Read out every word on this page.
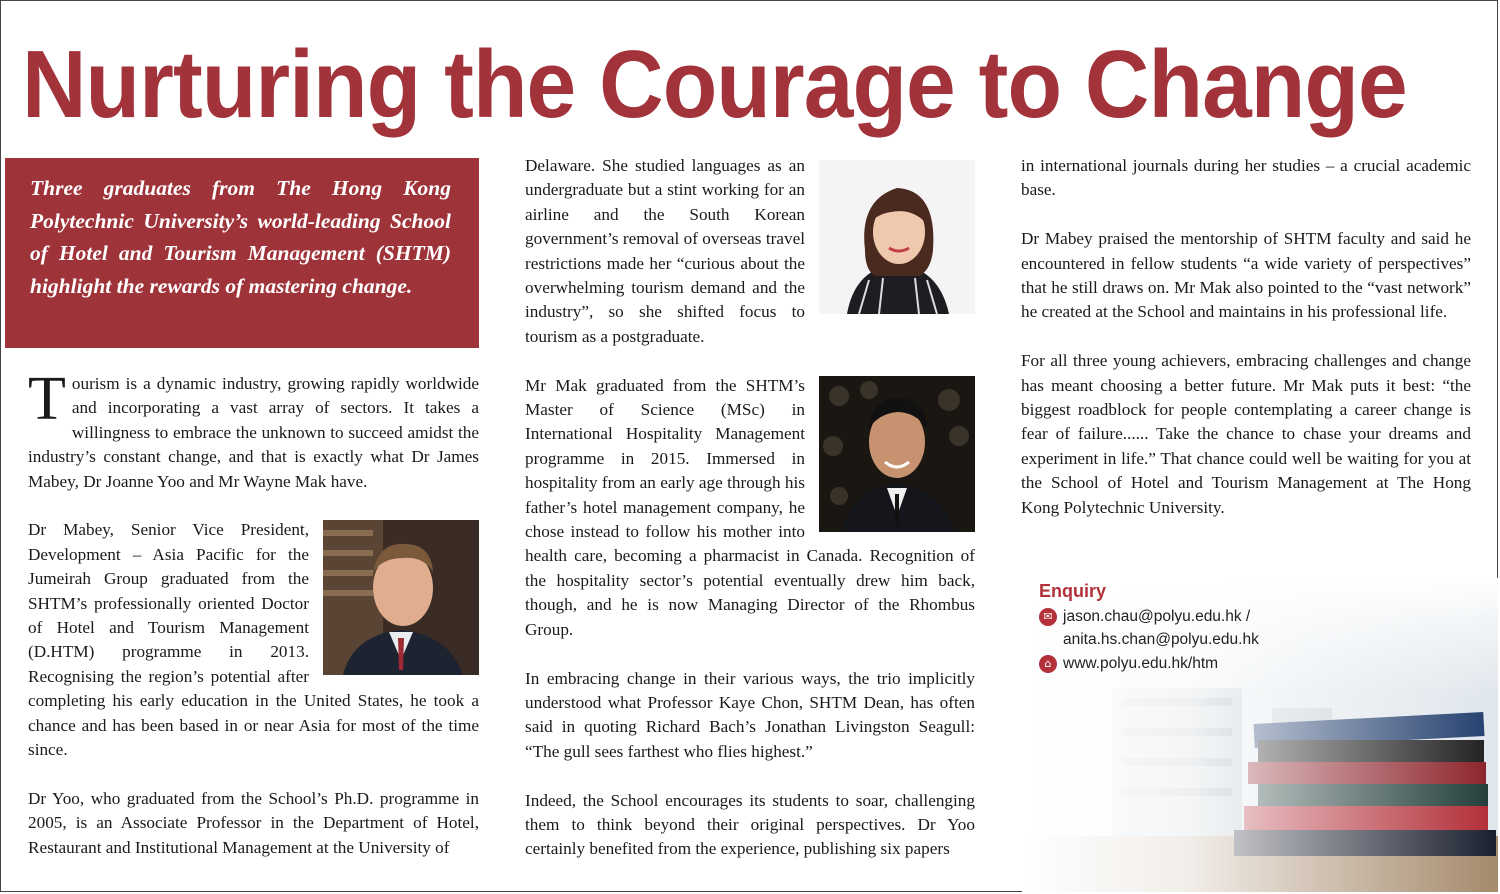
Nurturing the Courage to Change
Three graduates from The Hong Kong Polytechnic University’s world-leading School of Hotel and Tourism Management (SHTM) highlight the rewards of mastering change.

Tourism is a dynamic industry, growing rapidly worldwide and incorporating a vast array of sectors. It takes a willingness to embrace the unknown to succeed amidst the industry’s constant change, and that is exactly what Dr James Mabey, Dr Joanne Yoo and Mr Wayne Mak have.

Dr Mabey, Senior Vice President, Development – Asia Pacific for the Jumeirah Group graduated from the SHTM’s professionally oriented Doctor of Hotel and Tourism Management (D.HTM) programme in 2013. Recognising the region’s potential after completing his early education in the United States, he took a chance and has been based in or near Asia for most of the time since.

Dr Yoo, who graduated from the School’s Ph.D. programme in 2005, is an Associate Professor in the Department of Hotel, Restaurant and Institutional Management at the University of

Delaware. She studied languages as an undergraduate but a stint working for an airline and the South Korean government’s removal of overseas travel restrictions made her “curious about the overwhelming tourism demand and the industry”, so she shifted focus to tourism as a postgraduate.

Mr Mak graduated from the SHTM’s Master of Science (MSc) in International Hospitality Management programme in 2015. Immersed in hospitality from an early age through his father’s hotel management company, he chose instead to follow his mother into health care, becoming a pharmacist in Canada. Recognition of the hospitality sector’s potential eventually drew him back, though, and he is now Managing Director of the Rhombus Group.

In embracing change in their various ways, the trio implicitly understood what Professor Kaye Chon, SHTM Dean, has often said in quoting Richard Bach’s Jonathan Livingston Seagull: “The gull sees farthest who flies highest.”

Indeed, the School encourages its students to soar, challenging them to think beyond their original perspectives. Dr Yoo certainly benefited from the experience, publishing six papers

in international journals during her studies – a crucial academic base.

Dr Mabey praised the mentorship of SHTM faculty and said he encountered in fellow students “a wide variety of perspectives” that he still draws on. Mr Mak also pointed to the “vast network” he created at the School and maintains in his professional life.

For all three young achievers, embracing challenges and change has meant choosing a better future. Mr Mak puts it best: “the biggest roadblock for people contemplating a career change is fear of failure...... Take the chance to chase your dreams and experiment in life.” That chance could well be waiting for you at the School of Hotel and Tourism Management at The Hong Kong Polytechnic University.

Enquiry
✉ jason.chau@polyu.edu.hk /
anita.hs.chan@polyu.edu.hk
⌂ www.polyu.edu.hk/htm
